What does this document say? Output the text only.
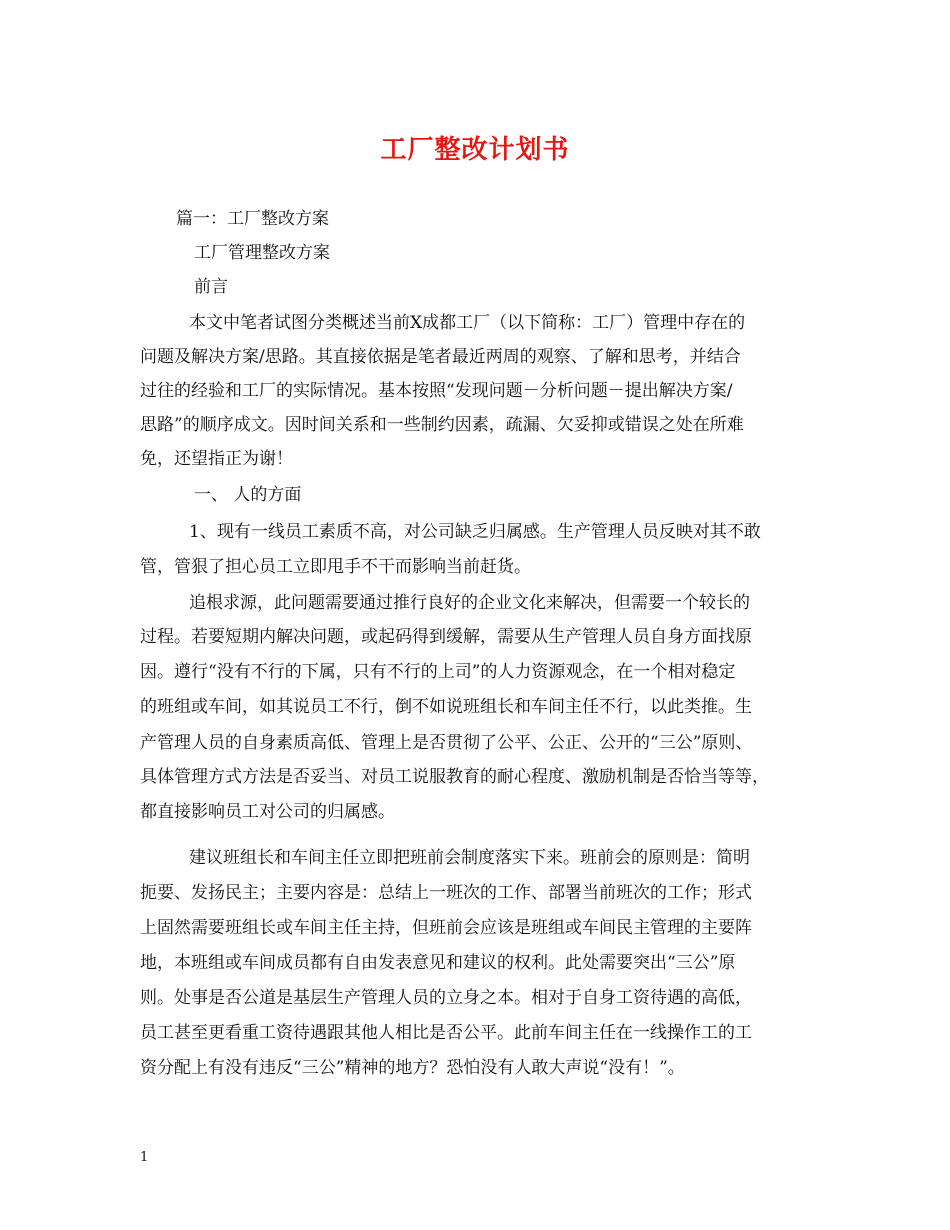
工厂整改计划书
篇一：工厂整改方案
工厂管理整改方案
前言
本文中笔者试图分类概述当前X成都工厂（以下简称：工厂）管理中存在的
问题及解决方案/思路。其直接依据是笔者最近两周的观察、了解和思考，并结合
过往的经验和工厂的实际情况。基本按照“发现问题－分析问题－提出解决方案/
思路”的顺序成文。因时间关系和一些制约因素，疏漏、欠妥抑或错误之处在所难
免，还望指正为谢！
一、 人的方面
1、现有一线员工素质不高，对公司缺乏归属感。生产管理人员反映对其不敢
管，管狠了担心员工立即甩手不干而影响当前赶货。
追根求源，此问题需要通过推行良好的企业文化来解决，但需要一个较长的
过程。若要短期内解决问题，或起码得到缓解，需要从生产管理人员自身方面找原
因。遵行“没有不行的下属，只有不行的上司”的人力资源观念，在一个相对稳定
的班组或车间，如其说员工不行，倒不如说班组长和车间主任不行，以此类推。生
产管理人员的自身素质高低、管理上是否贯彻了公平、公正、公开的“三公”原则、
具体管理方式方法是否妥当、对员工说服教育的耐心程度、激励机制是否恰当等等，
都直接影响员工对公司的归属感。
建议班组长和车间主任立即把班前会制度落实下来。班前会的原则是：简明
扼要、发扬民主；主要内容是：总结上一班次的工作、部署当前班次的工作；形式
上固然需要班组长或车间主任主持，但班前会应该是班组或车间民主管理的主要阵
地，本班组或车间成员都有自由发表意见和建议的权利。此处需要突出“三公”原
则。处事是否公道是基层生产管理人员的立身之本。相对于自身工资待遇的高低，
员工甚至更看重工资待遇跟其他人相比是否公平。此前车间主任在一线操作工的工
资分配上有没有违反“三公”精神的地方？恐怕没有人敢大声说“没有！”。
1
